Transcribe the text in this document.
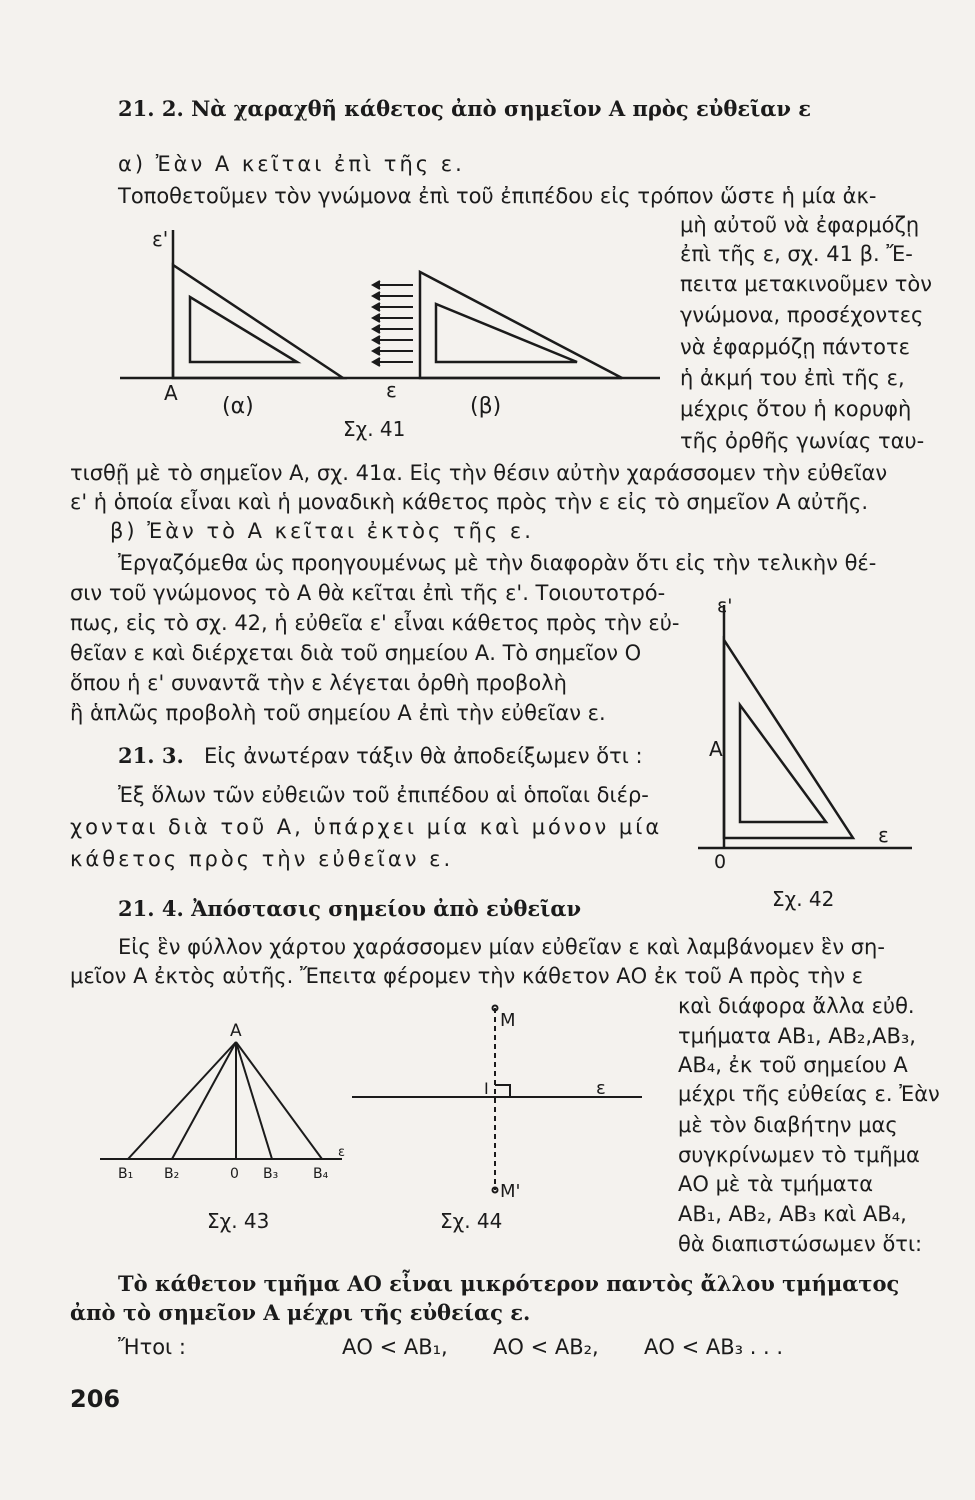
21. 2. Νὰ χαραχθῆ κάθετος ἀπὸ σημεῖον Α πρὸς εὐθεῖαν ε
α) Ἐὰν Α κεῖται ἐπὶ τῆς ε.
Τοποθετοῦμεν τὸν γνώμονα ἐπὶ τοῦ ἐπιπέδου εἰς τρόπον ὥστε ἡ μία ἀκ-
μὴ αὐτοῦ νὰ ἐφαρμόζῃ
ἐπὶ τῆς ε, σχ. 41 β. Ἔ-
πειτα μετακινοῦμεν τὸν
γνώμονα, προσέχοντες
νὰ ἐφαρμόζῃ πάντοτε
ἡ ἀκμή του ἐπὶ τῆς ε,
μέχρις ὅτου ἡ κορυφὴ
τῆς ὀρθῆς γωνίας ταυ-
τισθῇ μὲ τὸ σημεῖον Α, σχ. 41α. Εἰς τὴν θέσιν αὐτὴν χαράσσομεν τὴν εὐθεῖαν
ε' ἡ ὁποία εἶναι καὶ ἡ μοναδικὴ κάθετος πρὸς τὴν ε εἰς τὸ σημεῖον Α αὐτῆς.
β) Ἐὰν τὸ Α κεῖται ἐκτὸς τῆς ε.
Ἐργαζόμεθα ὡς προηγουμένως μὲ τὴν διαφορὰν ὅτι εἰς τὴν τελικὴν θέ-
σιν τοῦ γνώμονος τὸ Α θὰ κεῖται ἐπὶ τῆς ε'. Τοιουτοτρό-
πως, εἰς τὸ σχ. 42, ἡ εὐθεῖα ε' εἶναι κάθετος πρὸς τὴν εὐ-
θεῖαν ε καὶ διέρχεται διὰ τοῦ σημείου Α. Τὸ σημεῖον Ο
ὅπου ἡ ε' συναντᾶ τὴν ε λέγεται ὀρθὴ προβολὴ
ἢ ἁπλῶς προβολὴ τοῦ σημείου Α ἐπὶ τὴν εὐθεῖαν ε.
21. 3. Εἰς ἀνωτέραν τάξιν θὰ ἀποδείξωμεν ὅτι :
Ἐξ ὅλων τῶν εὐθειῶν τοῦ ἐπιπέδου αἱ ὁποῖαι διέρ-
χονται διὰ τοῦ Α, ὑπάρχει μία καὶ μόνον μία
κάθετος πρὸς τὴν εὐθεῖαν ε.
21. 4. Ἀπόστασις σημείου ἀπὸ εὐθεῖαν
Εἰς ἓν φύλλον χάρτου χαράσσομεν μίαν εὐθεῖαν ε καὶ λαμβάνομεν ἓν ση-
μεῖον Α ἐκτὸς αὐτῆς. Ἔπειτα φέρομεν τὴν κάθετον ΑΟ ἐκ τοῦ Α πρὸς τὴν ε
καὶ διάφορα ἄλλα εὐθ.
τμήματα ΑΒ₁, ΑΒ₂,ΑΒ₃,
ΑΒ₄, ἐκ τοῦ σημείου Α
μέχρι τῆς εὐθείας ε. Ἐὰν
μὲ τὸν διαβήτην μας
συγκρίνωμεν τὸ τμῆμα
ΑΟ μὲ τὰ τμήματα
ΑΒ₁, ΑΒ₂, ΑΒ₃ καὶ ΑΒ₄,
θὰ διαπιστώσωμεν ὅτι:
Τὸ κάθετον τμῆμα ΑΟ εἶναι μικρότερον παντὸς ἄλλου τμήματος
ἀπὸ τὸ σημεῖον Α μέχρι τῆς εὐθείας ε.
Ἤτοι :	ΑΟ < ΑΒ₁, ΑΟ < ΑΒ₂, ΑΟ < ΑΒ₃ . . .
206
ε'
Α	ε
(α)	(β)
Σχ. 41
ε'
Α
ε
0
Σχ. 42
Α
Β₁ Β₂	0 Β₃ Β₄
ε
Σχ. 43
Μ
Ι	ε
Μ'
Σχ. 44
